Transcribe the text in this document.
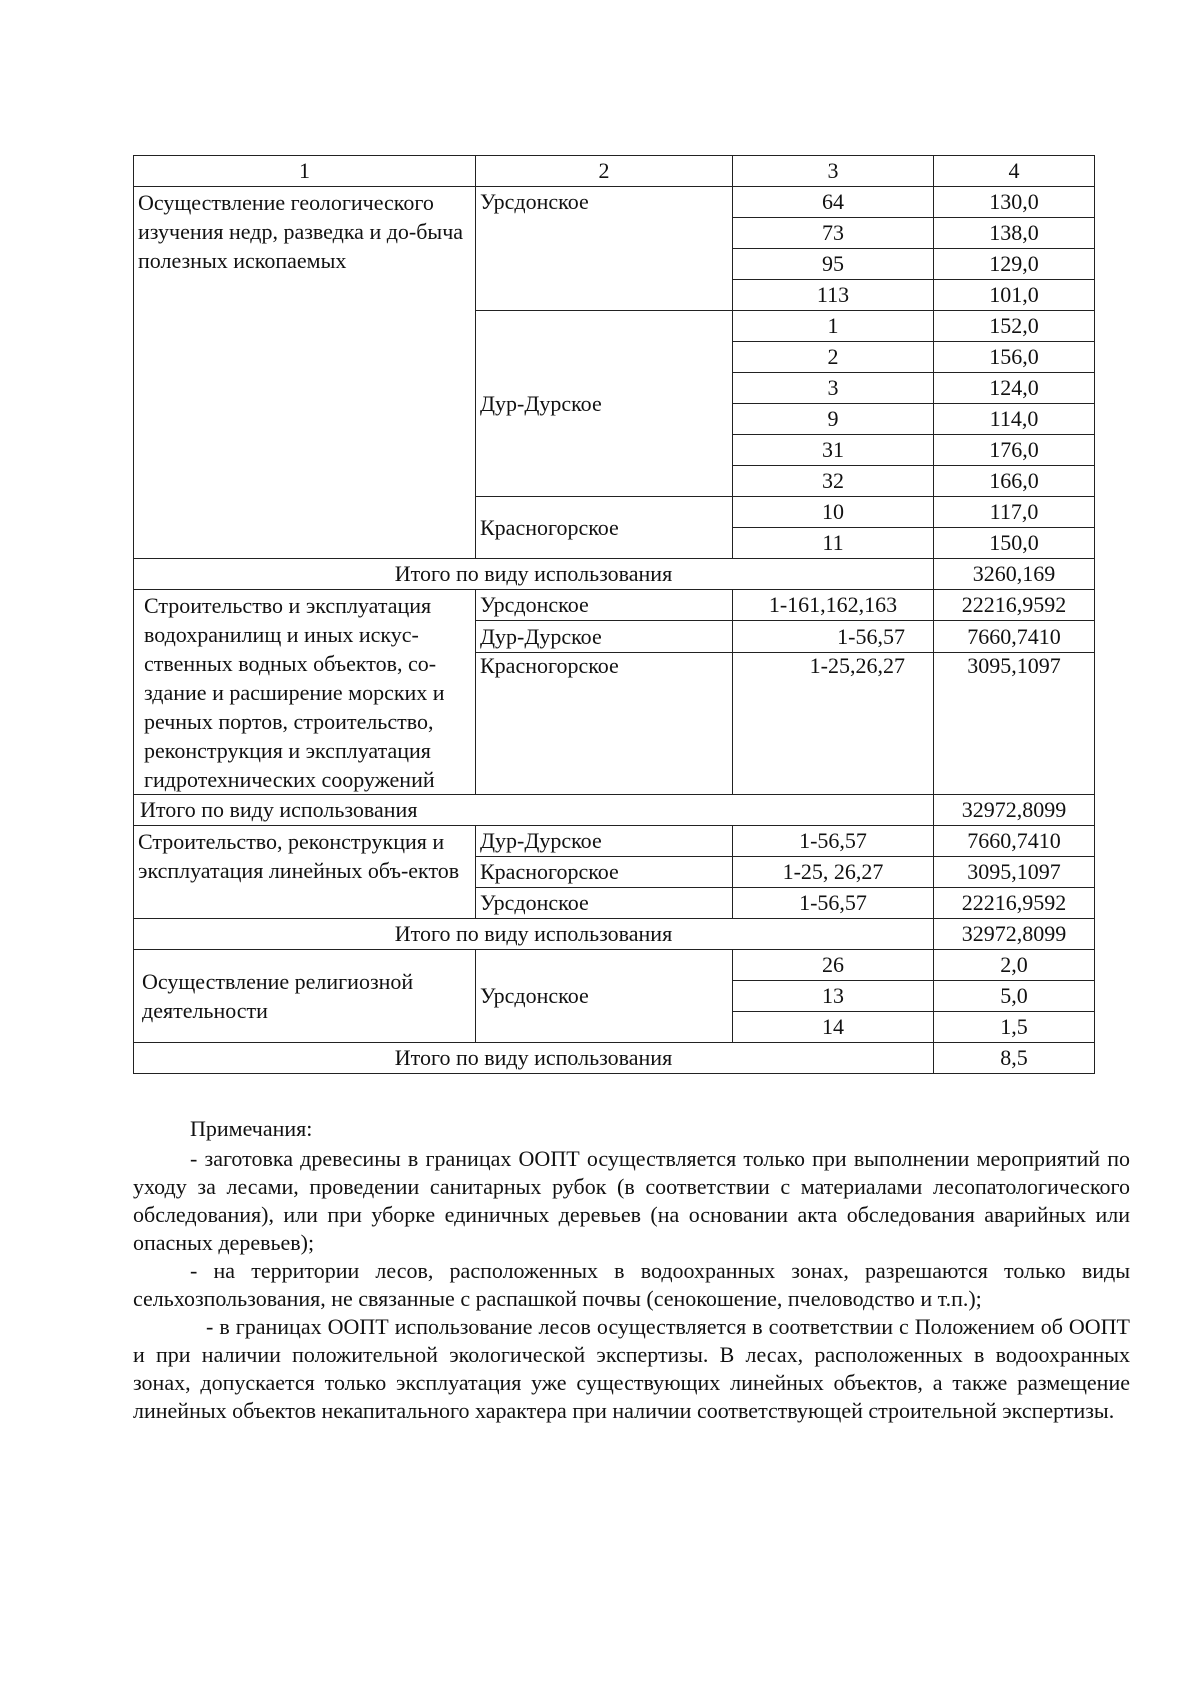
1	2	3	4
Осуществление геологического изучения недр, разведка и до-быча полезных ископаемых	Урсдонское	64	130,0
		73	138,0
		95	129,0
		113	101,0
	Дур-Дурское	1	152,0
		2	156,0
		3	124,0
		9	114,0
		31	176,0
		32	166,0
	Красногорское	10	117,0
		11	150,0
Итого по виду использования			3260,169
Строительство и эксплуатация водохранилищ и иных искус-ственных водных объектов, со-здание и расширение морских и речных портов, строительство, реконструкция и эксплуатация гидротехнических сооружений	Урсдонское	1-161,162,163	22216,9592
	Дур-Дурское	1-56,57	7660,7410
	Красногорское	1-25,26,27	3095,1097
Итого по виду использования			32972,8099
Строительство, реконструкция и эксплуатация линейных объ-ектов	Дур-Дурское	1-56,57	7660,7410
	Красногорское	1-25, 26,27	3095,1097
	Урсдонское	1-56,57	22216,9592
Итого по виду использования			32972,8099
Осуществление религиозной деятельности	Урсдонское	26	2,0
		13	5,0
		14	1,5
Итого по виду использования			8,5
Примечания:

- заготовка древесины в границах ООПТ осуществляется только при выполнении мероприятий по уходу за лесами, проведении санитарных рубок (в соответствии с материалами лесопатологического обследования), или при уборке единичных деревьев (на основании акта обследования аварийных или опасных деревьев);

- на территории лесов, расположенных в водоохранных зонах, разрешаются только виды сельхозпользования, не связанные с распашкой почвы (сенокошение, пчеловодство и т.п.);

- в границах ООПТ использование лесов осуществляется в соответствии с Положением об ООПТ и при наличии положительной экологической экспертизы. В лесах, расположенных в водоохранных зонах, допускается только эксплуатация уже существующих линейных объектов, а также размещение линейных объектов некапитального характера при наличии соответствующей строительной экспертизы.
